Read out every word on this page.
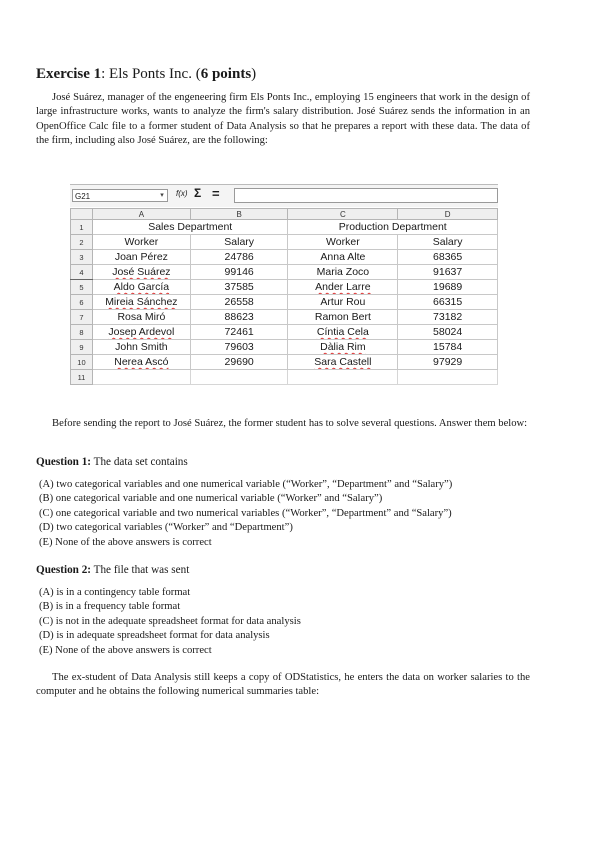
Exercise 1: Els Ponts Inc. (6 points)

José Suárez, manager of the engeneering firm Els Ponts Inc., employing 15 engineers that work in the design of large infrastructure works, wants to analyze the firm's salary distribution. José Suárez sends the information in an OpenOffice Calc file to a former student of Data Analysis so that he prepares a report with these data. The data of the firm, including also José Suárez, are the following:

G21	▾	f(x) Σ =
	A	B	C	D
1	Sales Department		Production Department	
2	Worker	Salary	Worker	Salary
3	Joan Pérez	24786	Anna Alte	68365
4	José Suárez	99146	Maria Zoco	91637
5	Aldo García	37585	Ander Larre	19689
6	Mireia Sánchez	26558	Artur Rou	66315
7	Rosa Miró	88623	Ramon Bert	73182
8	Josep Ardevol	72461	Cíntia Cela	58024
9	John Smith	79603	Dàlia Rim	15784
10	Nerea Ascó	29690	Sara Castell	97929
11				

Before sending the report to José Suárez, the former student has to solve several questions. Answer them below:

Question 1: The data set contains

(A) two categorical variables and one numerical variable (“Worker”, “Department” and “Salary”)
(B) one categorical variable and one numerical variable (“Worker” and “Salary”)
(C) one categorical variable and two numerical variables (“Worker”, “Department” and “Salary”)
(D) two categorical variables (“Worker” and “Department”)
(E) None of the above answers is correct

Question 2: The file that was sent

(A) is in a contingency table format
(B) is in a frequency table format
(C) is not in the adequate spreadsheet format for data analysis
(D) is in adequate spreadsheet format for data analysis
(E) None of the above answers is correct

The ex-student of Data Analysis still keeps a copy of ODStatistics, he enters the data on worker salaries to the computer and he obtains the following numerical summaries table:
